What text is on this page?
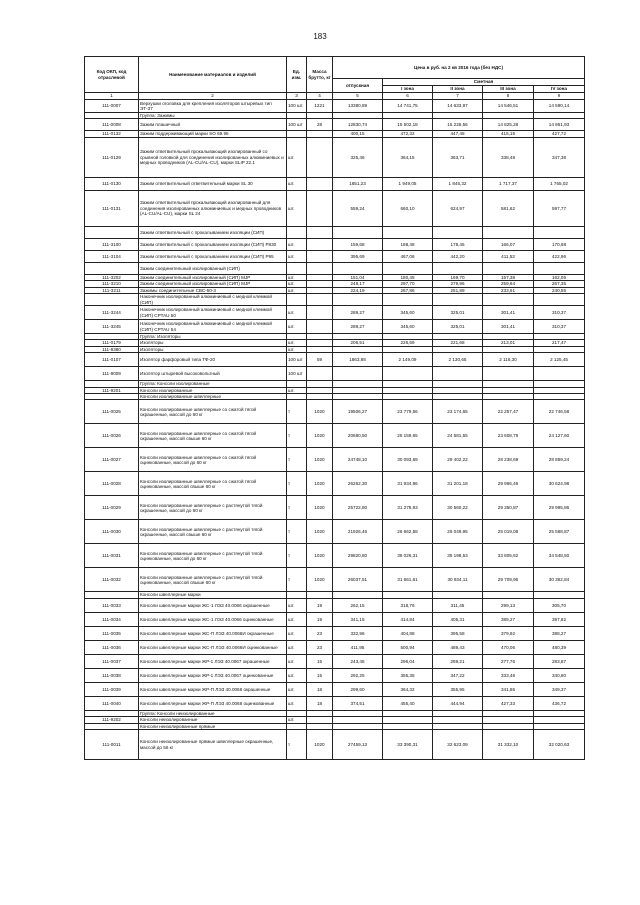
183
Код ОКП, код отраслевой	Наименование материалов и изделий	Ед. изм.	Масса брутто, кг	Цена в руб. на 2 кв 2016 года (без НДС)				
				отпускная	Сметная			
					I зона	II зона	III зона	IV зона
1	2	3	4	5	6	7	8	9
111-0007	Верхушки оголовка для крепления изоляторов штыревых тип ЭТ-37	100 шт.	1221	13380,89	14 741,75	14 633,97	14 546,51	14 590,14
	Группа: Зажимы							
111-0008	Зажим плашечный	100 шт	28	12830,74	15 502,18	15 226,56	14 825,28	14 951,93
111-0132	Зажим поддерживающий марки SO 69.95			400,15	472,32	447,48	415,15	427,72
111-0129	Зажим ответвительный прокалывающий изолированный со срывной головкой для соединения изолированных алюминиевых и медных проводников (AL-CU/AL-CU), марки SLIP 22.1	шт.		325,46	364,15	363,71	338,48	347,38
111-0130	Зажим ответвительный ответвительный марки SL 30	шт.		1651,23	1 949,05	1 845,32	1 717,37	1 765,02
111-0131	Зажим ответвительный прокалывающий изолированный для соединения изолированных алюминиевых и медных проводников (AL-CU/AL-CU), марки SL 24	шт.		559,24	660,10	624,97	581,62	597,77
	Зажим ответвительный с прокалыванием изоляции (СИП)							
111-3100	Зажим ответвительный с прокалыванием изоляции (СИП) Р830	шт.		159,68	188,48	178,45	166,07	170,68
111-3104	Зажим ответвительный с прокалыванием изоляции (СИП) Р95	шт.		395,69	467,06	442,20	411,53	422,96
	Зажим соединительный изолированный (СИП)							
111-3202	Зажим соединительный изолированный (СИП) MJP	шт.		151,04	180,45	169,70	157,38	162,05
111-3210	Зажим соединительный изолированный (СИП) MJP	шт.		248,17	297,70	279,96	259,64	267,35
111-3211	Зажимы соединительные СВС-50-3	шт.		224,19	267,86	251,89	233,61	240,55
	Наконечник изолированный алюминиевый с медной клеммой (СИП)							
111-3244	Наконечник изолированный алюминиевый с медной клеммой (СИП) CPTAU 50	шт.		289,27	345,60	325,01	301,41	310,37
111-3245	Наконечник изолированный алюминиевый с медной клеммой (СИП) CPTAU 54	шт.		289,27	345,60	325,01	301,41	310,37
	Группа: Изоляторы							
111-0179	Изоляторы	шт.		206,51	226,59	221,68	213,01	217,47
111-8380	Изоляторы	шт.						
111-0107	Изолятор фарфоровый типа ТФ-20	100 шт	59	1863,88	2 149,09	2 130,65	2 116,30	2 125,45
111-9009	Изолятор штыревой высоковольтный	100 шт						
	Группа: Консоли изолированные							
111-9201	Консоли изолированные	шт.						
	Консоли изолированные швеллерные							
111-0025	Консоли изолированные швеллерные со сжатой тягой окрашенные, массой до 60 кг	т	1020	19506,27	23 779,56	23 174,65	22 257,47	22 746,58
111-0026	Консоли изолированные швеллерные со сжатой тягой окрашенные, массой свыше 60 кг	т	1020	20680,50	25 159,65	24 581,55	23 608,79	24 127,60
111-0027	Консоли изолированные швеллерные со сжатой тягой оцинкованные, массой до 60 кг	т	1020	24748,10	30 093,69	29 402,22	28 238,69	28 859,24
111-0028	Консоли изолированные швеллерные со сжатой тягой оцинкованные, массой свыше 60 кг	т	1020	26262,30	31 934,96	31 201,18	29 966,46	30 624,98
111-0029	Консоли изолированные швеллерные с растянутой тягой окрашенные, массой до 60 кг	т	1020	25722,80	31 278,93	30 560,22	29 350,87	29 995,86
111-0030	Консоли изолированные швеллерные с растянутой тягой окрашенные, массой свыше 60 кг	т	1020	21926,46	26 662,58	26 049,95	25 019,08	25 568,87
111-0031	Консоли изолированные швеллерные с растянутой тягой оцинкованные, массой до 60 кг	т	1020	29820,80	36 026,31	35 198,53	33 805,62	34 548,50
111-0032	Консоли изолированные швеллерные с растянутой тягой оцинкованные, массой свыше 60 кг	т	1020	26037,51	31 661,61	30 934,11	29 709,96	30 362,84
	Консоли швеллерные марки							
111-0033	Консоли швеллерные марки ЖС-1 ЛЭЗ 40.0066 окрашенные	шт.	19	262,15	318,76	311,45	299,13	305,70
111-0034	Консоли швеллерные марки ЖС-1 ЛЭЗ 40.0066 оцинкованные	шт.	19	341,15	414,84	405,31	389,27	397,82
111-0035	Консоли швеллерные марки ЖС-П ЛЭЗ 40.0066И окрашенные	шт.	23	332,96	404,88	395,58	379,92	388,27
111-0036	Консоли швеллерные марки ЖС-П ЛЭЗ 40.0066И оцинкованные	шт.	23	411,95	500,94	489,43	470,06	480,39
111-0037	Консоли швеллерные марки ЖР-1 ЛЭЗ 40.0067 окрашенные	шт.	15	243,45	296,04	289,21	277,76	283,87
111-0038	Консоли швеллерные марки ЖР-1 ЛЭЗ 40.0067 оцинкованные	шт.	15	292,25	355,35	347,22	333,48	340,80
111-0039	Консоли швеллерные марки ЖР-П ЛЭЗ 40.0068 окрашенные	шт.	18	299,60	364,32	355,95	341,86	349,37
111-0040	Консоли швеллерные марки ЖР-П ЛЭЗ 40.0068 оцинкованные	шт.	18	374,51	455,40	444,94	427,33	436,72
	Группа: Консоли неизолированные							
111-9202	Консоли неизолированные	шт.						
	Консоли неизолированные прямые							
111-0011	Консоли неизолированные прямые швеллерные окрашенные, массой до 56 кг	т	1020	27459,13	33 390,31	32 623,09	31 332,10	32 020,63
